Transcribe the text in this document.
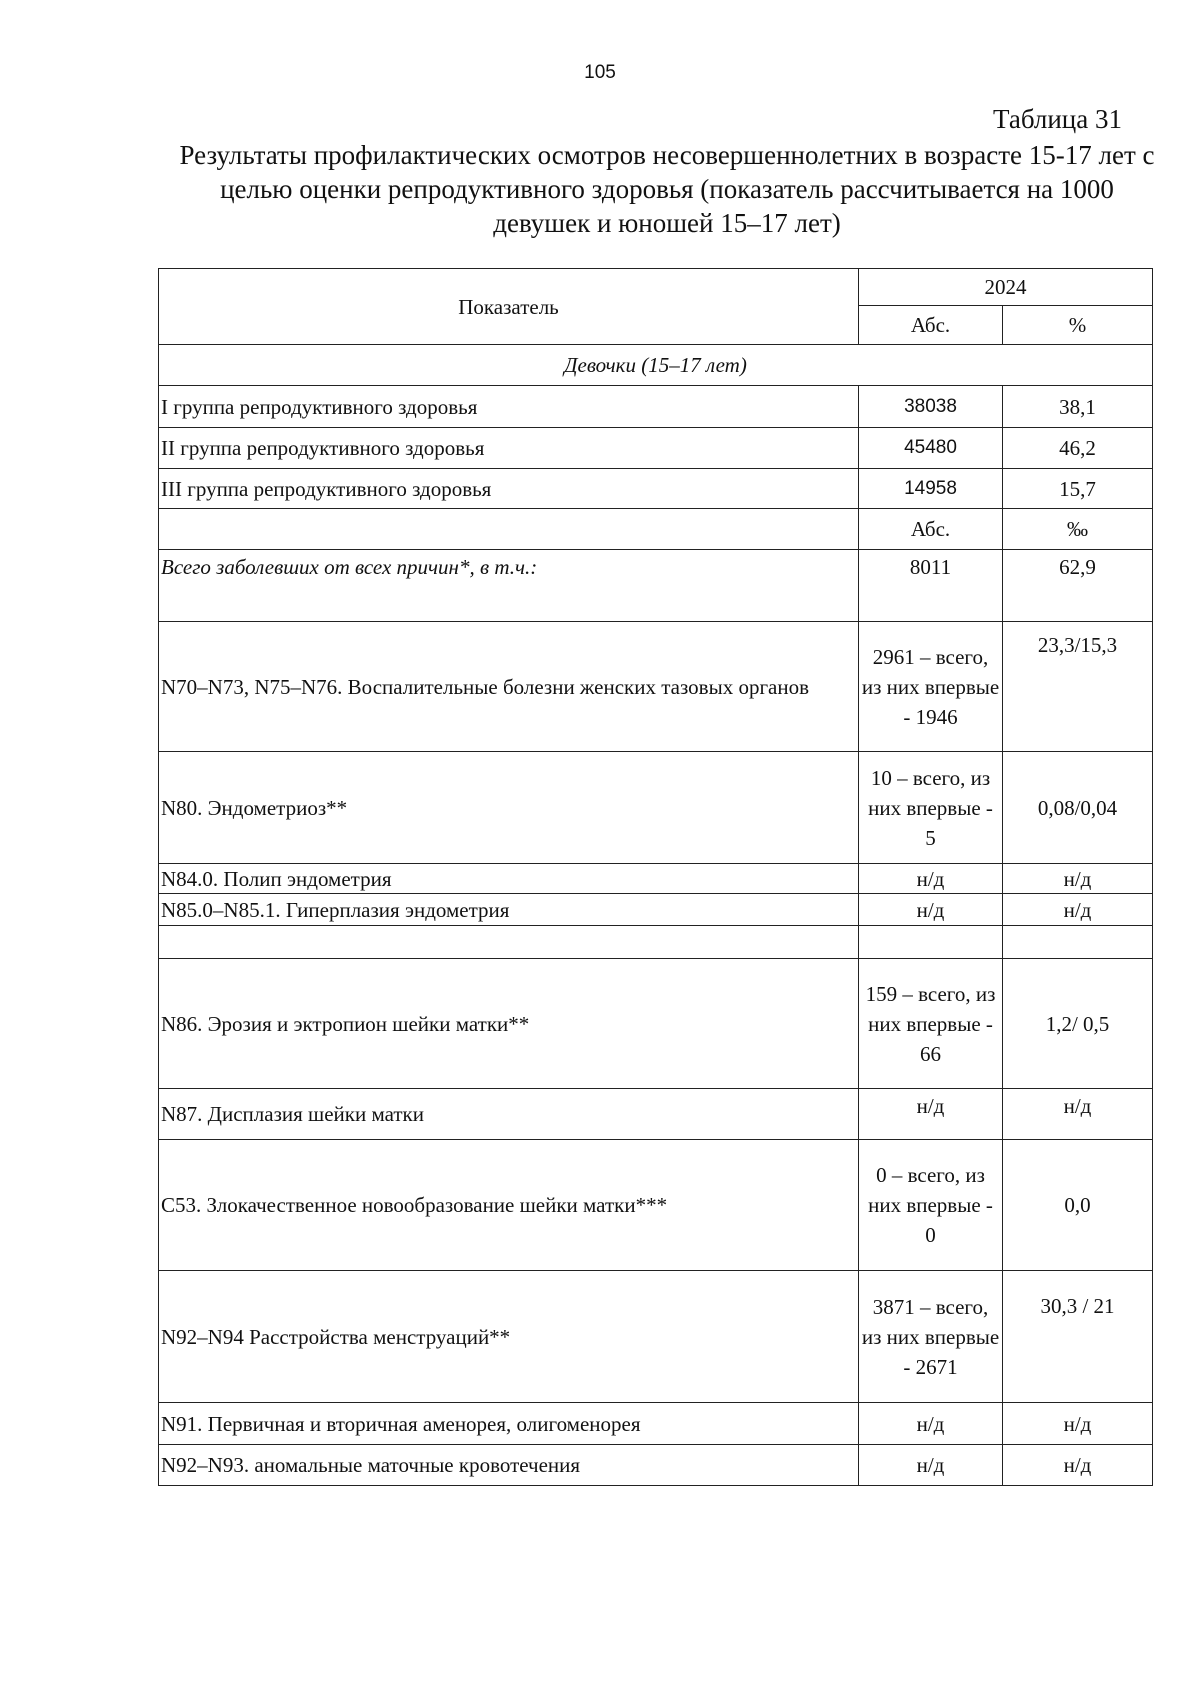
105
Таблица 31
Результаты профилактических осмотров несовершеннолетних в возрасте 15-17 лет с целью оценки репродуктивного здоровья (показатель рассчитывается на 1000 девушек и юношей 15–17 лет)
Показатель	2024	
	Абс.	%
Девочки (15–17 лет)		
I группа репродуктивного здоровья	38038	38,1
II группа репродуктивного здоровья	45480	46,2
III группа репродуктивного здоровья	14958	15,7
	Абс.	‰
Всего заболевших от всех причин*, в т.ч.:	8011	62,9
N70–N73, N75–N76. Воспалительные болезни женских тазовых органов	2961 – всего, из них впервые - 1946	23,3/15,3
N80. Эндометриоз**	10 – всего, из них впервые - 5	0,08/0,04
N84.0. Полип эндометрия	н/д	н/д
N85.0–N85.1. Гиперплазия эндометрия	н/д	н/д

N86. Эрозия и эктропион шейки матки**	159 – всего, из них впервые - 66	1,2/ 0,5
N87. Дисплазия шейки матки	н/д	н/д
C53. Злокачественное новообразование шейки матки***	0 – всего, из них впервые - 0	0,0
N92–N94 Расстройства менструаций**	3871 – всего, из них впервые - 2671	30,3 / 21
N91. Первичная и вторичная аменорея, олигоменорея	н/д	н/д
N92–N93. аномальные маточные кровотечения	н/д	н/д
